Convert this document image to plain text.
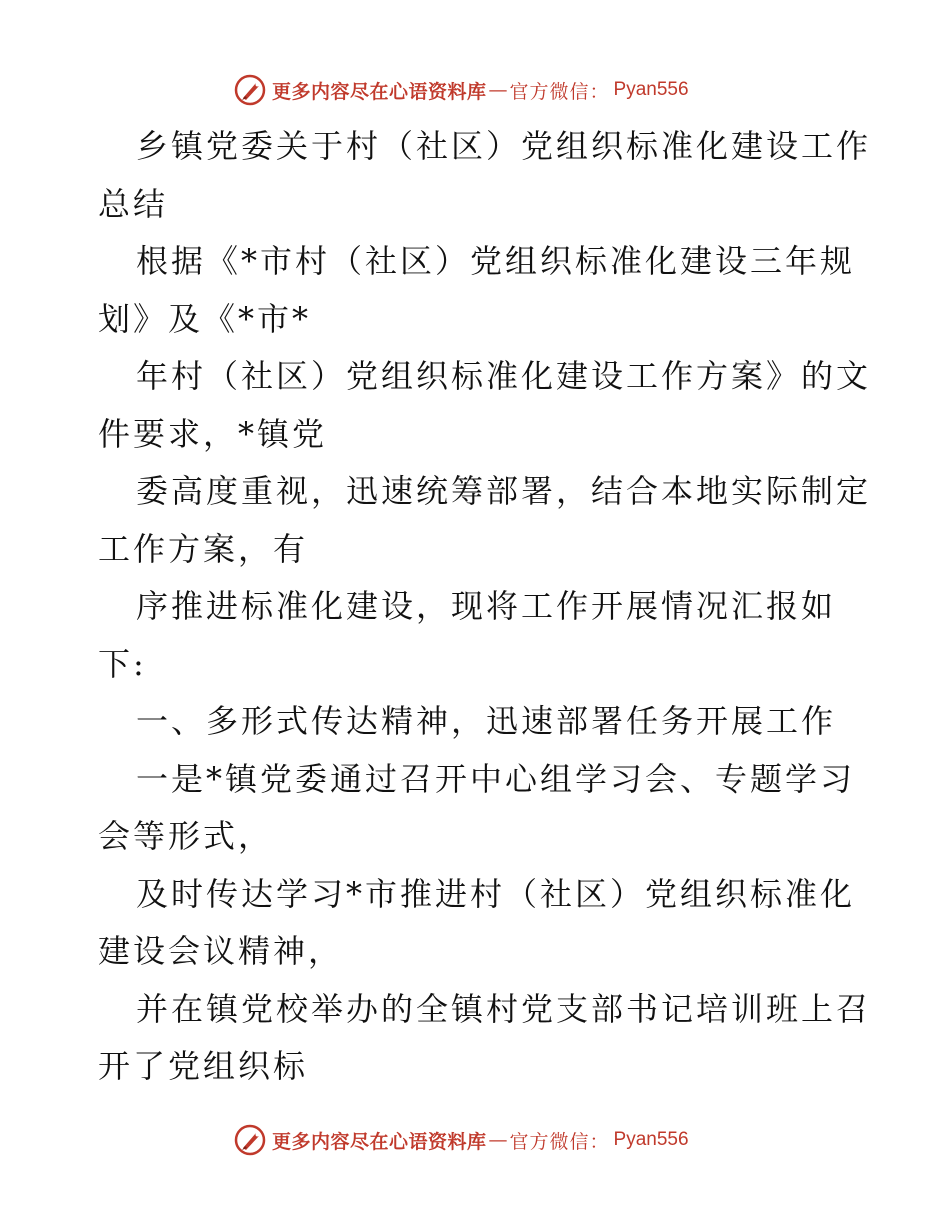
更多内容尽在心语资料库 — 官方微信： Pyan556
乡镇党委关于村（社区）党组织标准化建设工作
总结
根据《*市村（社区）党组织标准化建设三年规
划》及《*市*
年村（社区）党组织标准化建设工作方案》的文
件要求，*镇党
委高度重视，迅速统筹部署，结合本地实际制定
工作方案，有
序推进标准化建设，现将工作开展情况汇报如
下:
一、多形式传达精神，迅速部署任务开展工作
一是*镇党委通过召开中心组学习会、专题学习
会等形式，
及时传达学习*市推进村（社区）党组织标准化
建设会议精神，
并在镇党校举办的全镇村党支部书记培训班上召
开了党组织标
更多内容尽在心语资料库 — 官方微信： Pyan556
